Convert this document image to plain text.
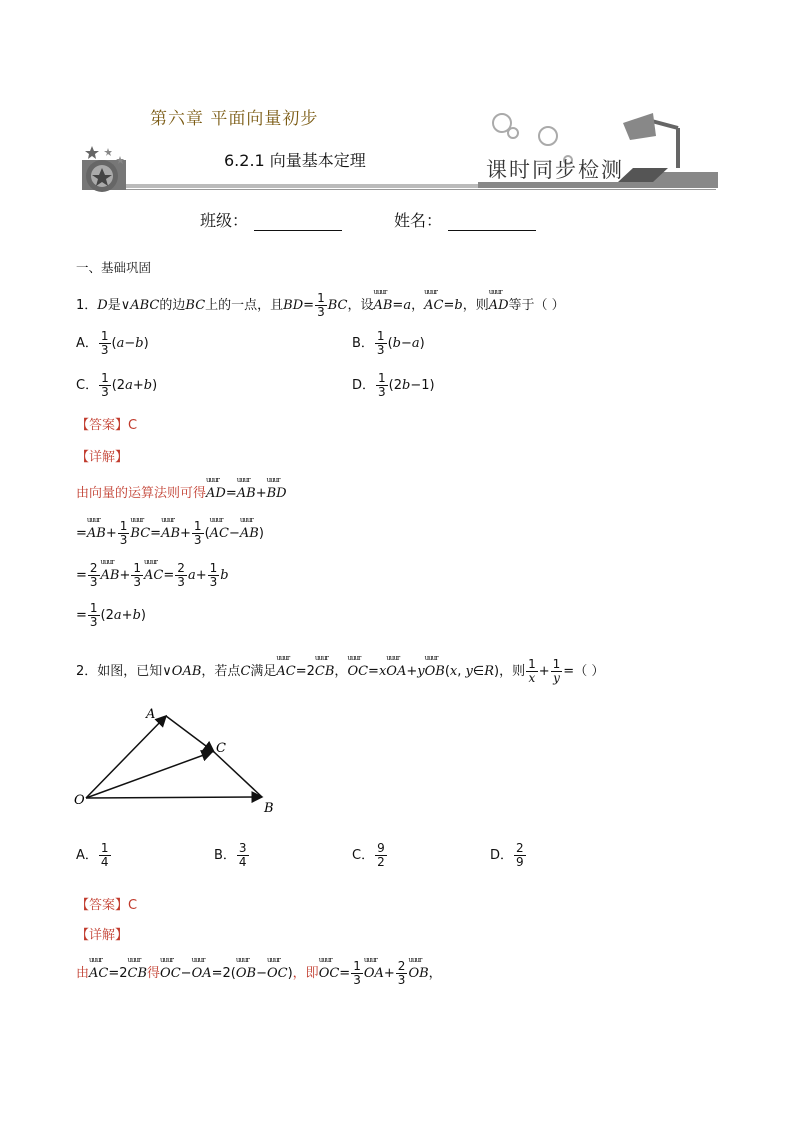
第六章 平面向量初步
6.2.1 向量基本定理	课时同步检测
班级：	姓名：
一、基础巩固
1．D是∨ABC的边BC上的一点，且$BD= \frac{1}{3}$ BC，设uuur AB=a，uuur AC=b，则uuur AD等于（ ）
A． $\frac{1}{3} (a-b)$	B． $\frac{1}{3} (b-a)$
C． $\frac{1}{3} (2a+b)$	D． $\frac{1}{3} (2b-1)$
【答案】C
【详解】
由向量的运算法则可得uuur AD=uuur AB+uuur BD
=uuur $AB+ \frac{1}{3}$ uuur BC=uuur $AB+ \frac{1}{3}$ (uuur AC−uuur AB)
= $\frac{2}{3}$ uuur $AB+ \frac{1}{3}$ uuur $AC= \frac{2}{3} a+ \frac{1}{3}$ b
= $\frac{1}{3} (2a+b)$
2．如图，已知∨OAB，若点C满足uuur AC=2uuur CB，uuur OC=xuuur OA+yuuur OB(x, y∈R)，则 $\frac{1}{x} + \frac{1}{y}$ =（ ）
A
C
O
B
A． $\frac{1}{4}$	B． $\frac{3}{4}$	C． $\frac{9}{2}$	D． $\frac{2}{9}$
【答案】C
【详解】
由uuur AC=2uuur CB得uuur OC−uuur OA=2(uuur OB−uuur OC)，即uuur $OC= \frac{1}{3}$ uuur $OA+ \frac{2}{3}$ uuur OB，
